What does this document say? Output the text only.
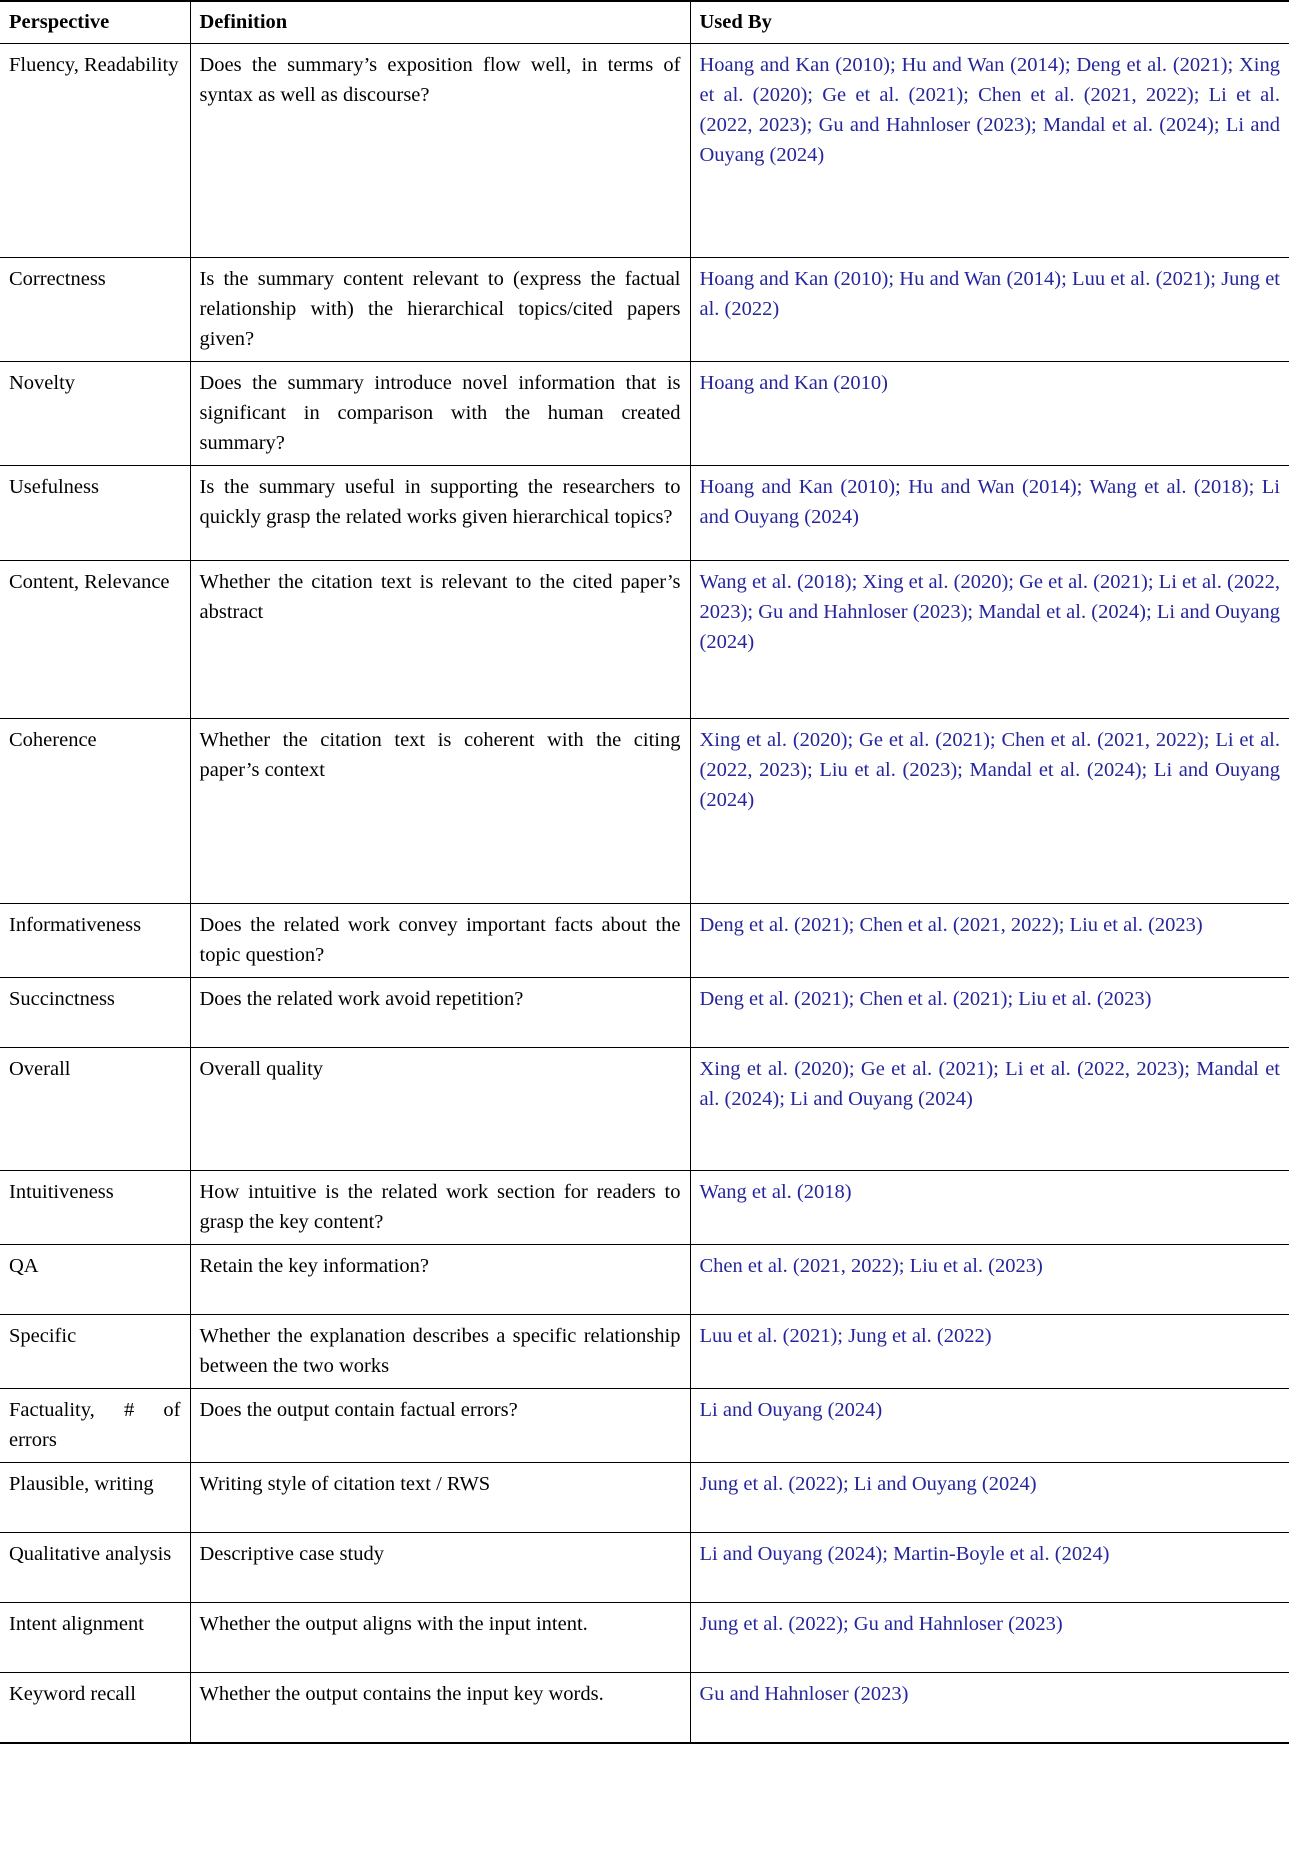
Perspective	Definition	Used By
Fluency, Readability	Does the summary’s exposition flow well, in terms of syntax as well as discourse?	Hoang and Kan (2010); Hu and Wan (2014); Deng et al. (2021); Xing et al. (2020); Ge et al. (2021); Chen et al. (2021, 2022); Li et al. (2022, 2023); Gu and Hahnloser (2023); Mandal et al. (2024); Li and Ouyang (2024)
Correctness	Is the summary content relevant to (express the factual relationship with) the hierarchical topics/cited papers given?	Hoang and Kan (2010); Hu and Wan (2014); Luu et al. (2021); Jung et al. (2022)
Novelty	Does the summary introduce novel information that is significant in comparison with the human created summary?	Hoang and Kan (2010)
Usefulness	Is the summary useful in supporting the researchers to quickly grasp the related works given hierarchical topics?	Hoang and Kan (2010); Hu and Wan (2014); Wang et al. (2018); Li and Ouyang (2024)
Content, Relevance	Whether the citation text is relevant to the cited paper’s abstract	Wang et al. (2018); Xing et al. (2020); Ge et al. (2021); Li et al. (2022, 2023); Gu and Hahnloser (2023); Mandal et al. (2024); Li and Ouyang (2024)
Coherence	Whether the citation text is coherent with the citing paper’s context	Xing et al. (2020); Ge et al. (2021); Chen et al. (2021, 2022); Li et al. (2022, 2023); Liu et al. (2023); Mandal et al. (2024); Li and Ouyang (2024)
Informativeness	Does the related work convey important facts about the topic question?	Deng et al. (2021); Chen et al. (2021, 2022); Liu et al. (2023)
Succinctness	Does the related work avoid repetition?	Deng et al. (2021); Chen et al. (2021); Liu et al. (2023)
Overall	Overall quality	Xing et al. (2020); Ge et al. (2021); Li et al. (2022, 2023); Mandal et al. (2024); Li and Ouyang (2024)
Intuitiveness	How intuitive is the related work section for readers to grasp the key content?	Wang et al. (2018)
QA	Retain the key information?	Chen et al. (2021, 2022); Liu et al. (2023)
Specific	Whether the explanation describes a specific relationship between the two works	Luu et al. (2021); Jung et al. (2022)
Factuality, # of errors	Does the output contain factual errors?	Li and Ouyang (2024)
Plausible, writing	Writing style of citation text / RWS	Jung et al. (2022); Li and Ouyang (2024)
Qualitative analysis	Descriptive case study	Li and Ouyang (2024); Martin-Boyle et al. (2024)
Intent alignment	Whether the output aligns with the input intent.	Jung et al. (2022); Gu and Hahnloser (2023)
Keyword recall	Whether the output contains the input key words.	Gu and Hahnloser (2023)
